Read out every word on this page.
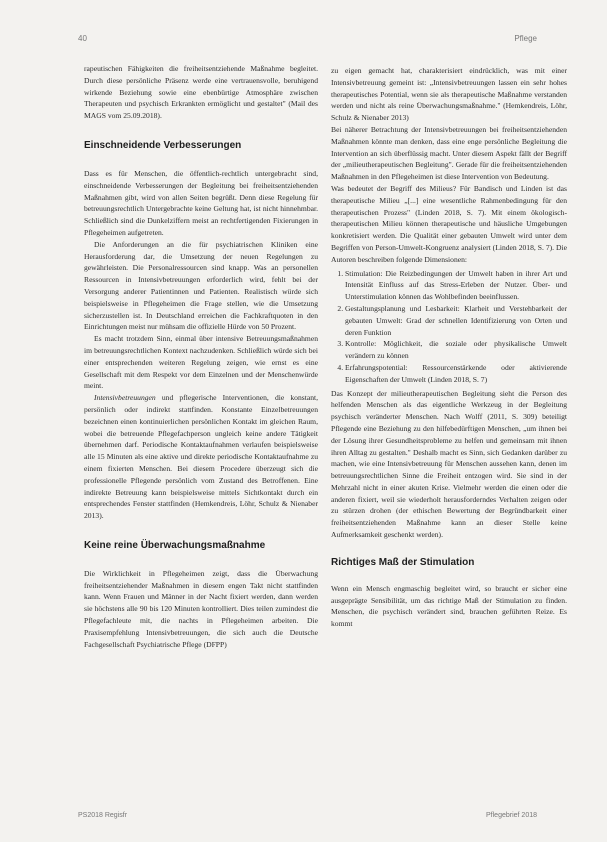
40	Pflege

rapeutischen Fähigkeiten die freiheitsentziehende Maßnahme begleitet. Durch diese persönliche Präsenz werde eine vertrauensvolle, beruhigend wirkende Beziehung sowie eine ebenbürtige Atmosphäre zwischen Therapeuten und psychisch Erkrankten ermöglicht und gestaltet" (Mail des MAGS vom 25.09.2018).

Einschneidende Verbesserungen

Dass es für Menschen, die öffentlich-rechtlich untergebracht sind, einschneidende Verbesserungen der Begleitung bei freiheitsentziehenden Maßnahmen gibt, wird von allen Seiten begrüßt. Denn diese Regelung für betreuungsrechtlich Untergebrachte keine Geltung hat, ist nicht hinnehmbar. Schließlich sind die Dunkelziffern meist an rechtfertigenden Fixierungen in Pflegeheimen aufgetreten.

Die Anforderungen an die für psychiatrischen Kliniken eine Herausforderung dar, die Umsetzung der neuen Regelungen zu gewährleisten. Die Personalressourcen sind knapp. Was an personellen Ressourcen in Intensivbetreuungen erforderlich wird, fehlt bei der Versorgung anderer Patientinnen und Patienten. Realistisch würde sich beispielsweise in Pflegeheimen die Frage stellen, wie die Umsetzung sicherzustellen ist. In Deutschland erreichen die Fachkraftquoten in den Einrichtungen meist nur mühsam die offizielle Hürde von 50 Prozent.

Es macht trotzdem Sinn, einmal über intensive Betreuungsmaßnahmen im betreuungsrechtlichen Kontext nachzudenken. Schließlich würde sich bei einer entsprechenden weiteren Regelung zeigen, wie ernst es eine Gesellschaft mit dem Respekt vor dem Einzelnen und der Menschenwürde meint.

Intensivbetreuungen und pflegerische Interventionen, die konstant, persönlich oder indirekt stattfinden. Konstante Einzelbetreuungen bezeichnen einen kontinuierlichen persönlichen Kontakt im gleichen Raum, wobei die betreuende Pflegefachperson ungleich keine andere Tätigkeit übernehmen darf. Periodische Kontaktaufnahmen verlaufen beispielsweise alle 15 Minuten als eine aktive und direkte periodische Kontaktaufnahme zu einem fixierten Menschen. Bei diesem Procedere überzeugt sich die professionelle Pflegende persönlich vom Zustand des Betroffenen. Eine indirekte Betreuung kann beispielsweise mittels Sichtkontakt durch ein entsprechendes Fenster stattfinden (Hemkendreis, Löhr, Schulz & Nienaber 2013).

Keine reine Überwachungsmaßnahme

Die Wirklichkeit in Pflegeheimen zeigt, dass die Überwachung freiheitsentziehender Maßnahmen in diesem engen Takt nicht stattfinden kann. Wenn Frauen und Männer in der Nacht fixiert werden, dann werden sie höchstens alle 90 bis 120 Minuten kontrolliert. Dies teilen zumindest die Pflegefachleute mit, die nachts in Pflegeheimen arbeiten. Die Praxisempfehlung Intensivbetreuungen, die sich auch die Deutsche Fachgesellschaft Psychiatrische Pflege (DFPP)

zu eigen gemacht hat, charakterisiert eindrücklich, was mit einer Intensivbetreuung gemeint ist: „Intensivbetreuungen lassen ein sehr hohes therapeutisches Potential, wenn sie als therapeutische Maßnahme verstanden werden und nicht als reine Überwachungsmaßnahme." (Hemkendreis, Löhr, Schulz & Nienaber 2013)

Bei näherer Betrachtung der Intensivbetreuungen bei freiheitsentziehenden Maßnahmen könnte man denken, dass eine enge persönliche Begleitung die Intervention an sich überflüssig macht. Unter diesem Aspekt fällt der Begriff der „milieutherapeutischen Begleitung". Gerade für die freiheitsentziehenden Maßnahmen in den Pflegeheimen ist diese Intervention von Bedeutung.

Was bedeutet der Begriff des Milieus? Für Bandisch und Linden ist das therapeutische Milieu „[...] eine wesentliche Rahmenbedingung für den therapeutischen Prozess" (Linden 2018, S. 7). Mit einem ökologisch-therapeutischen Milieu können therapeutische und häusliche Umgebungen konkretisiert werden. Die Qualität einer gebauten Umwelt wird unter dem Begriffen von Person-Umwelt-Kongruenz analysiert (Linden 2018, S. 7). Die Autoren beschreiben folgende Dimensionen:

1. Stimulation: Die Reizbedingungen der Umwelt haben in ihrer Art und Intensität Einfluss auf das Stress-Erleben der Nutzer. Über- und Unterstimulation können das Wohlbefinden beeinflussen.
2. Gestaltungsplanung und Lesbarkeit: Klarheit und Verstehbarkeit der gebauten Umwelt: Grad der schnellen Identifizierung von Orten und deren Funktion
3. Kontrolle: Möglichkeit, die soziale oder physikalische Umwelt verändern zu können
4. Erfahrungspotential: Ressourcenstärkende oder aktivierende Eigenschaften der Umwelt (Linden 2018, S. 7)

Das Konzept der milieutherapeutischen Begleitung sieht die Person des helfenden Menschen als das eigentliche Werkzeug in der Begleitung psychisch veränderter Menschen. Nach Wolff (2011, S. 309) beteiligt Pflegende eine Beziehung zu den hilfebedürftigen Menschen, „um ihnen bei der Lösung ihrer Gesundheitsprobleme zu helfen und gemeinsam mit ihnen ihren Alltag zu gestalten." Deshalb macht es Sinn, sich Gedanken darüber zu machen, wie eine Intensivbetreuung für Menschen aussehen kann, denen im betreuungsrechtlichen Sinne die Freiheit entzogen wird. Sie sind in der Mehrzahl nicht in einer akuten Krise. Vielmehr werden die einen oder die anderen fixiert, weil sie wiederholt herausforderndes Verhalten zeigen oder zu stürzen drohen (der ethischen Bewertung der Begründbarkeit einer freiheitsentziehenden Maßnahme kann an dieser Stelle keine Aufmerksamkeit geschenkt werden).

Richtiges Maß der Stimulation

Wenn ein Mensch engmaschig begleitet wird, so braucht er sicher eine ausgeprägte Sensibilität, um das richtige Maß der Stimulation zu finden. Menschen, die psychisch verändert sind, brauchen geführten Reize. Es kommt

PS2018 Regisfr	Pflegebrief 2018
